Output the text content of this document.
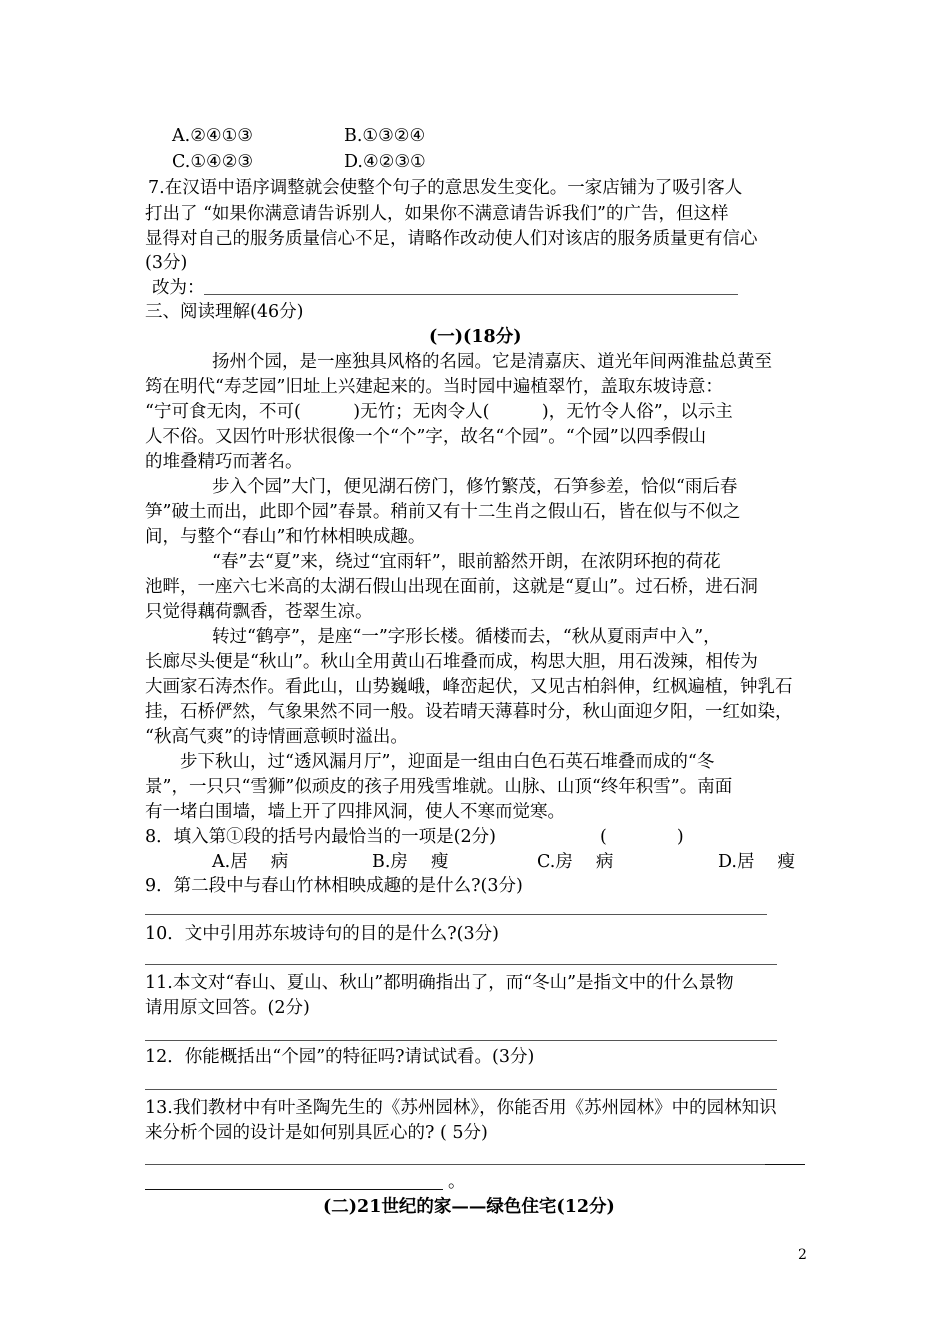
A.②④①③	B.①③②④
C.①④②③	D.④②③①
7.在汉语中语序调整就会使整个句子的意思发生变化。一家店铺为了吸引客人
打出了 “如果你满意请告诉别人，如果你不满意请告诉我们”的广告，但这样
显得对自己的服务质量信心不足，请略作改动使人们对该店的服务质量更有信心
(3分)
改为：
三、阅读理解(46分)
(一)(18分)
扬州个园，是一座独具风格的名园。它是清嘉庆、道光年间两淮盐总黄至
筠在明代“寿芝园”旧址上兴建起来的。当时园中遍植翠竹，盖取东坡诗意：
“宁可食无肉，不可(　　　)无竹；无肉令人(　　　)，无竹令人俗”，以示主
人不俗。又因竹叶形状很像一个“个”字，故名“个园”。“个园”以四季假山
的堆叠精巧而著名。
步入个园”大门，便见湖石傍门，修竹繁茂，石笋参差，恰似“雨后春
笋”破土而出，此即个园”春景。稍前又有十二生肖之假山石，皆在似与不似之
间，与整个“春山”和竹林相映成趣。
“春”去“夏”来，绕过“宜雨轩”，眼前豁然开朗，在浓阴环抱的荷花
池畔，一座六七米高的太湖石假山出现在面前，这就是“夏山”。过石桥，进石洞
只觉得藕荷飘香，苍翠生凉。
转过“鹤亭”，是座“一”字形长楼。循楼而去，“秋从夏雨声中入”，
长廊尽头便是“秋山”。秋山全用黄山石堆叠而成，构思大胆，用石泼辣，相传为
大画家石涛杰作。看此山，山势巍峨，峰峦起伏，又见古柏斜伸，红枫遍植，钟乳石
挂，石桥俨然，气象果然不同一般。设若晴天薄暮时分，秋山面迎夕阳，一红如染，
“秋高气爽”的诗情画意顿时溢出。
步下秋山，过“透风漏月厅”，迎面是一组由白色石英石堆叠而成的“冬
景”，一只只“雪狮”似顽皮的孩子用残雪堆就。山脉、山顶“终年积雪”。南面
有一堵白围墙，墙上开了四排风洞，使人不寒而觉寒。
8．填入第①段的括号内最恰当的一项是(2分)	(　　　　)
A.居　 病	B.房　 瘦	C.房　 病	D.居　 瘦
9．第二段中与春山竹林相映成趣的是什么?(3分)
10．文中引用苏东坡诗句的目的是什么?(3分)
11.本文对“春山、夏山、秋山”都明确指出了，而“冬山”是指文中的什么景物
请用原文回答。(2分)
12．你能概括出“个园”的特征吗?请试试看。(3分)
13.我们教材中有叶圣陶先生的《苏州园林》，你能否用《苏州园林》中的园林知识
来分析个园的设计是如何别具匠心的? ( 5分)
。
(二)21世纪的家——绿色住宅(12分)
2
